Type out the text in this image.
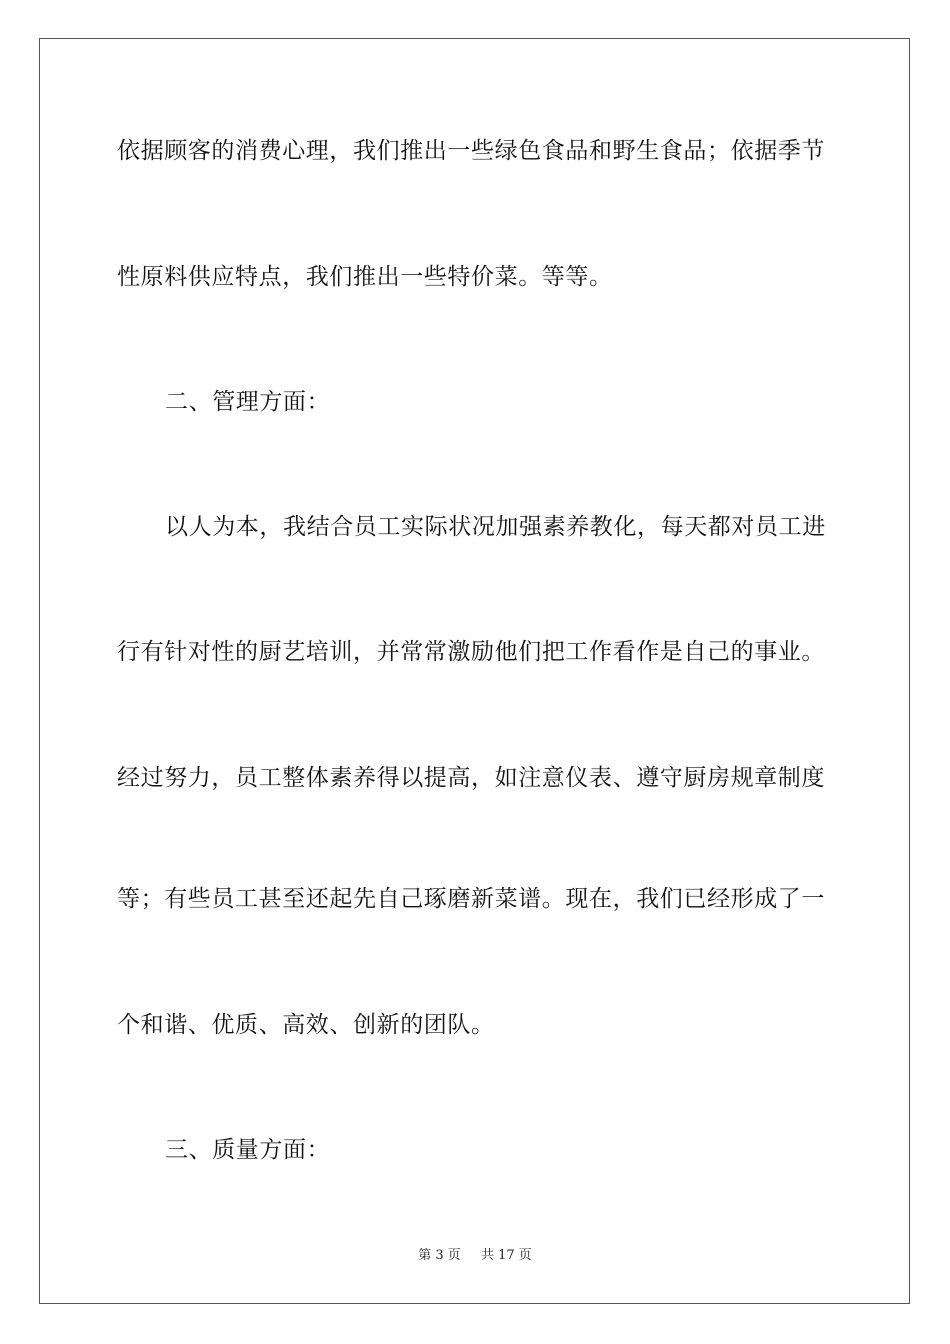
依据顾客的消费心理，我们推出一些绿色食品和野生食品；依据季节
性原料供应特点，我们推出一些特价菜。等等。
二、管理方面：
以人为本，我结合员工实际状况加强素养教化，每天都对员工进
行有针对性的厨艺培训，并常常激励他们把工作看作是自己的事业。
经过努力，员工整体素养得以提高，如注意仪表、遵守厨房规章制度
等；有些员工甚至还起先自己琢磨新菜谱。现在，我们已经形成了一
个和谐、优质、高效、创新的团队。
三、质量方面：
第 3 页 共 17 页
